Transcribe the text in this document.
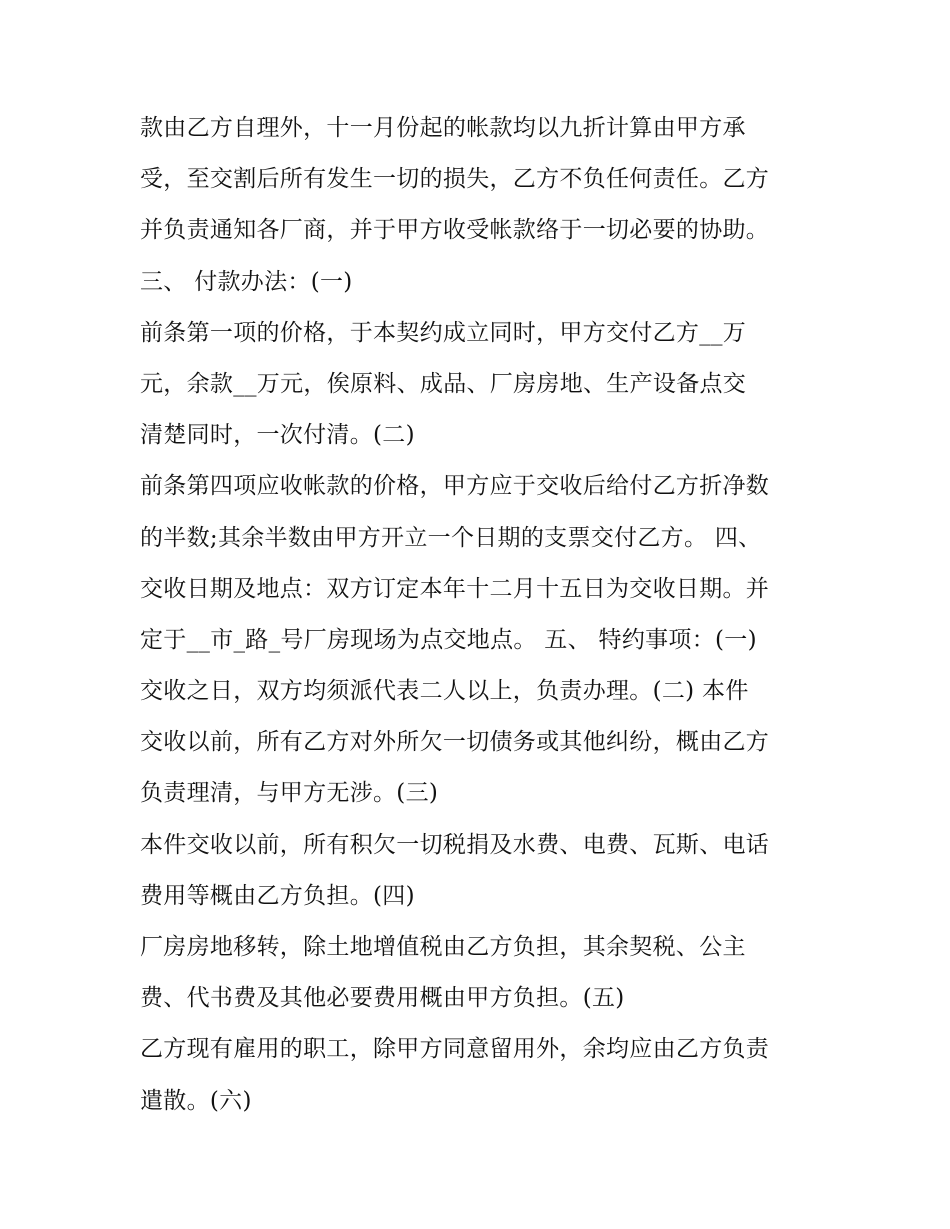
款由乙方自理外，十一月份起的帐款均以九折计算由甲方承
受，至交割后所有发生一切的损失，乙方不负任何责任。乙方
并负责通知各厂商，并于甲方收受帐款络于一切必要的协助。
三、 付款办法：(一)
前条第一项的价格，于本契约成立同时，甲方交付乙方__万
元，余款__万元，俟原料、成品、厂房房地、生产设备点交
清楚同时，一次付清。(二)
前条第四项应收帐款的价格，甲方应于交收后给付乙方折净数
的半数;其余半数由甲方开立一个日期的支票交付乙方。 四、
交收日期及地点：双方订定本年十二月十五日为交收日期。并
定于__市_路_号厂房现场为点交地点。 五、 特约事项：(一)
交收之日，双方均须派代表二人以上，负责办理。(二) 本件
交收以前，所有乙方对外所欠一切债务或其他纠纷，概由乙方
负责理清，与甲方无涉。(三)
本件交收以前，所有积欠一切税捐及水费、电费、瓦斯、电话
费用等概由乙方负担。(四)
厂房房地移转，除土地增值税由乙方负担，其余契税、公主
费、代书费及其他必要费用概由甲方负担。(五)
乙方现有雇用的职工，除甲方同意留用外，余均应由乙方负责
遣散。(六)
